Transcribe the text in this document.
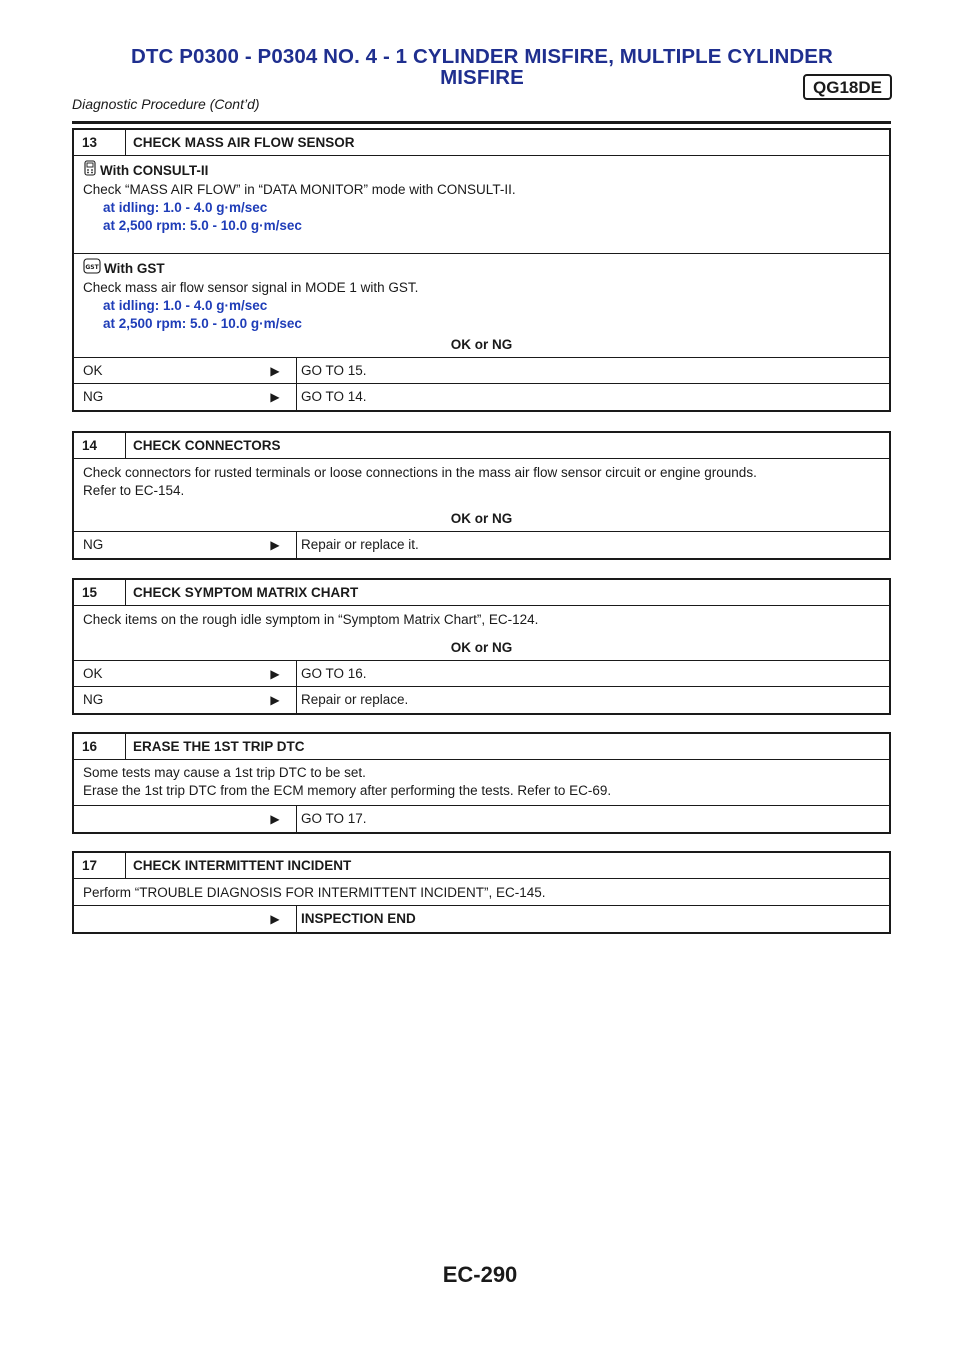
DTC P0300 - P0304 NO. 4 - 1 CYLINDER MISFIRE, MULTIPLE CYLINDER
MISFIRE	QG18DE
Diagnostic Procedure (Cont’d)
13	CHECK MASS AIR FLOW SENSOR
With CONSULT-II
Check “MASS AIR FLOW” in “DATA MONITOR” mode with CONSULT-II.
at idling: 1.0 - 4.0 g·m/sec
at 2,500 rpm: 5.0 - 10.0 g·m/sec
GST With GST
Check mass air flow sensor signal in MODE 1 with GST.
at idling: 1.0 - 4.0 g·m/sec
at 2,500 rpm: 5.0 - 10.0 g·m/sec
OK or NG
OK	▶	GO TO 15.
NG	▶	GO TO 14.
14	CHECK CONNECTORS
Check connectors for rusted terminals or loose connections in the mass air flow sensor circuit or engine grounds.
Refer to EC-154.
OK or NG
NG	▶	Repair or replace it.
15	CHECK SYMPTOM MATRIX CHART
Check items on the rough idle symptom in “Symptom Matrix Chart”, EC-124.
OK or NG
OK	▶	GO TO 16.
NG	▶	Repair or replace.
16	ERASE THE 1ST TRIP DTC
Some tests may cause a 1st trip DTC to be set.
Erase the 1st trip DTC from the ECM memory after performing the tests. Refer to EC-69.
▶	GO TO 17.
17	CHECK INTERMITTENT INCIDENT
Perform “TROUBLE DIAGNOSIS FOR INTERMITTENT INCIDENT”, EC-145.
▶	INSPECTION END
EC-290
